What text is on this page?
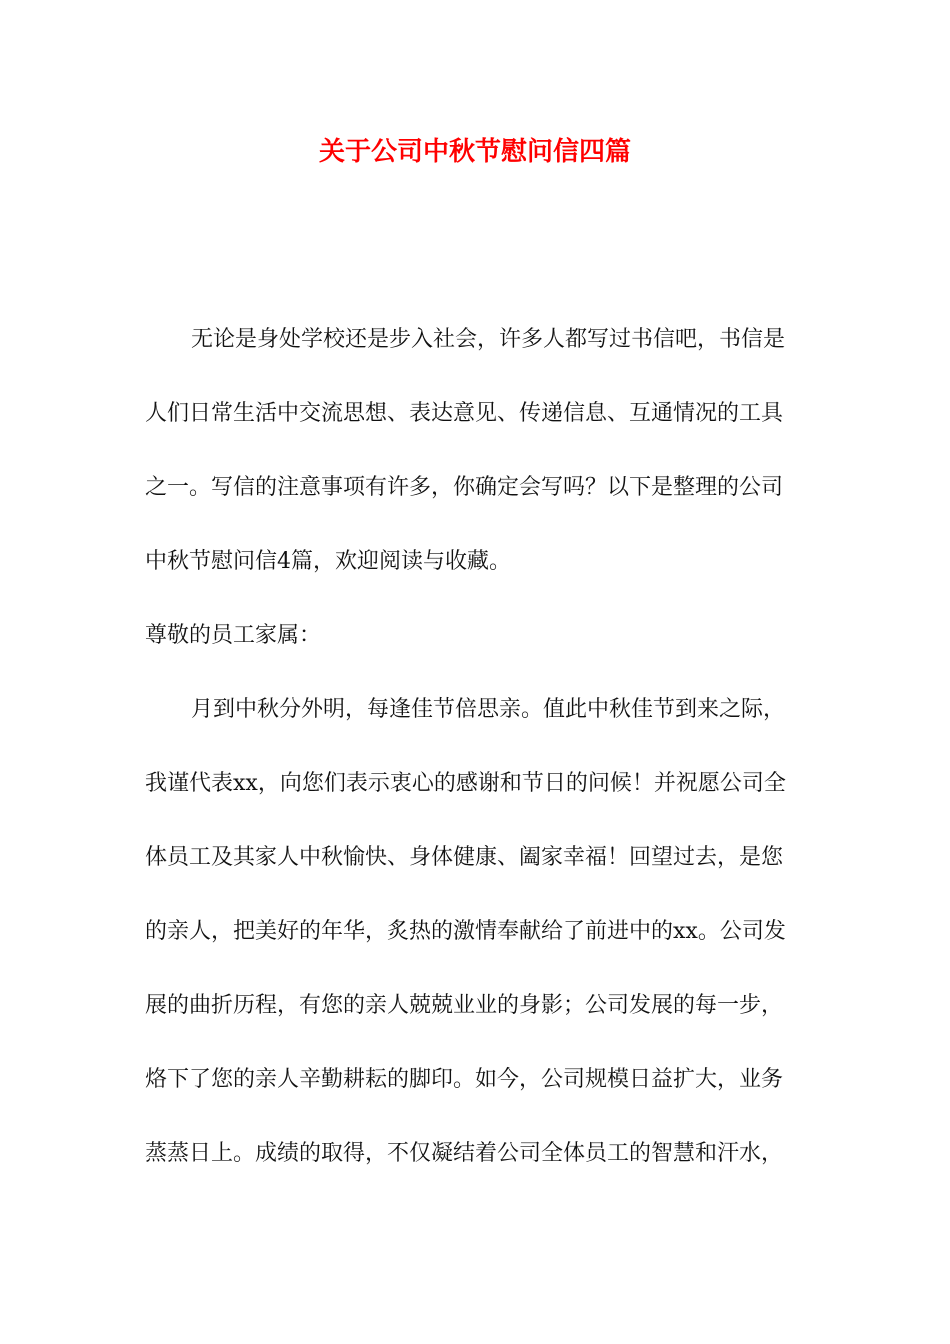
关于公司中秋节慰问信四篇

无论是身处学校还是步入社会，许多人都写过书信吧，书信是

人们日常生活中交流思想、表达意见、传递信息、互通情况的工具

之一。写信的注意事项有许多，你确定会写吗？以下是整理的公司

中秋节慰问信4篇，欢迎阅读与收藏。

尊敬的员工家属：

月到中秋分外明，每逢佳节倍思亲。值此中秋佳节到来之际，

我谨代表xx，向您们表示衷心的感谢和节日的问候！并祝愿公司全

体员工及其家人中秋愉快、身体健康、阖家幸福！回望过去，是您

的亲人，把美好的年华，炙热的激情奉献给了前进中的xx。公司发

展的曲折历程，有您的亲人兢兢业业的身影；公司发展的每一步，

烙下了您的亲人辛勤耕耘的脚印。如今，公司规模日益扩大，业务

蒸蒸日上。成绩的取得，不仅凝结着公司全体员工的智慧和汗水，
